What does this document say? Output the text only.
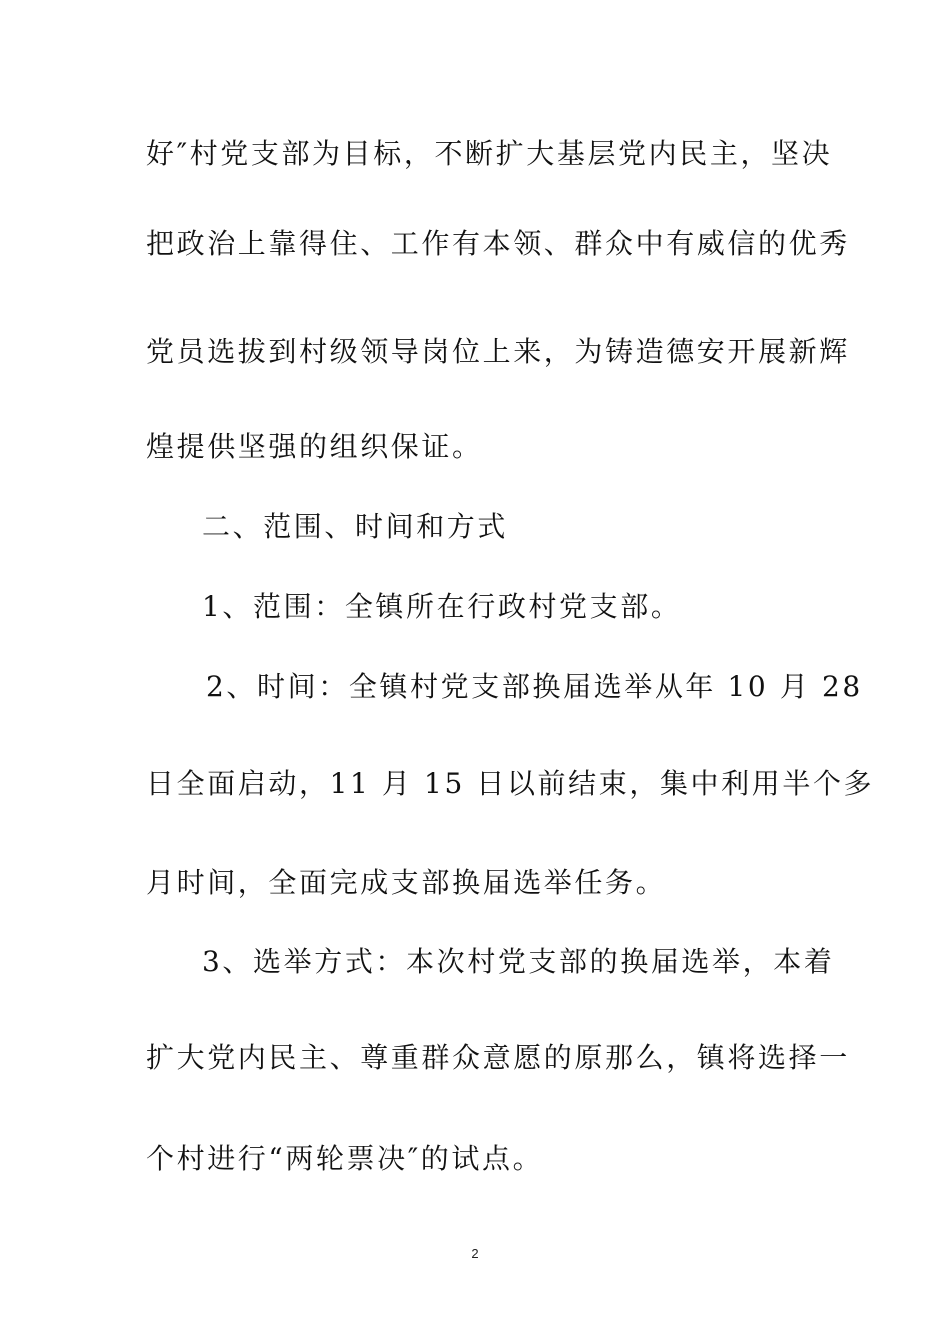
好″村党支部为目标，不断扩大基层党内民主，坚决
把政治上靠得住、工作有本领、群众中有威信的优秀
党员选拔到村级领导岗位上来，为铸造德安开展新辉
煌提供坚强的组织保证。
二、范围、时间和方式
1、范围：全镇所在行政村党支部。
2、时间：全镇村党支部换届选举从年 10 月 28
日全面启动，11 月 15 日以前结束，集中利用半个多
月时间，全面完成支部换届选举任务。
3、选举方式：本次村党支部的换届选举，本着
扩大党内民主、尊重群众意愿的原那么，镇将选择一
个村进行“两轮票决″的试点。
2
